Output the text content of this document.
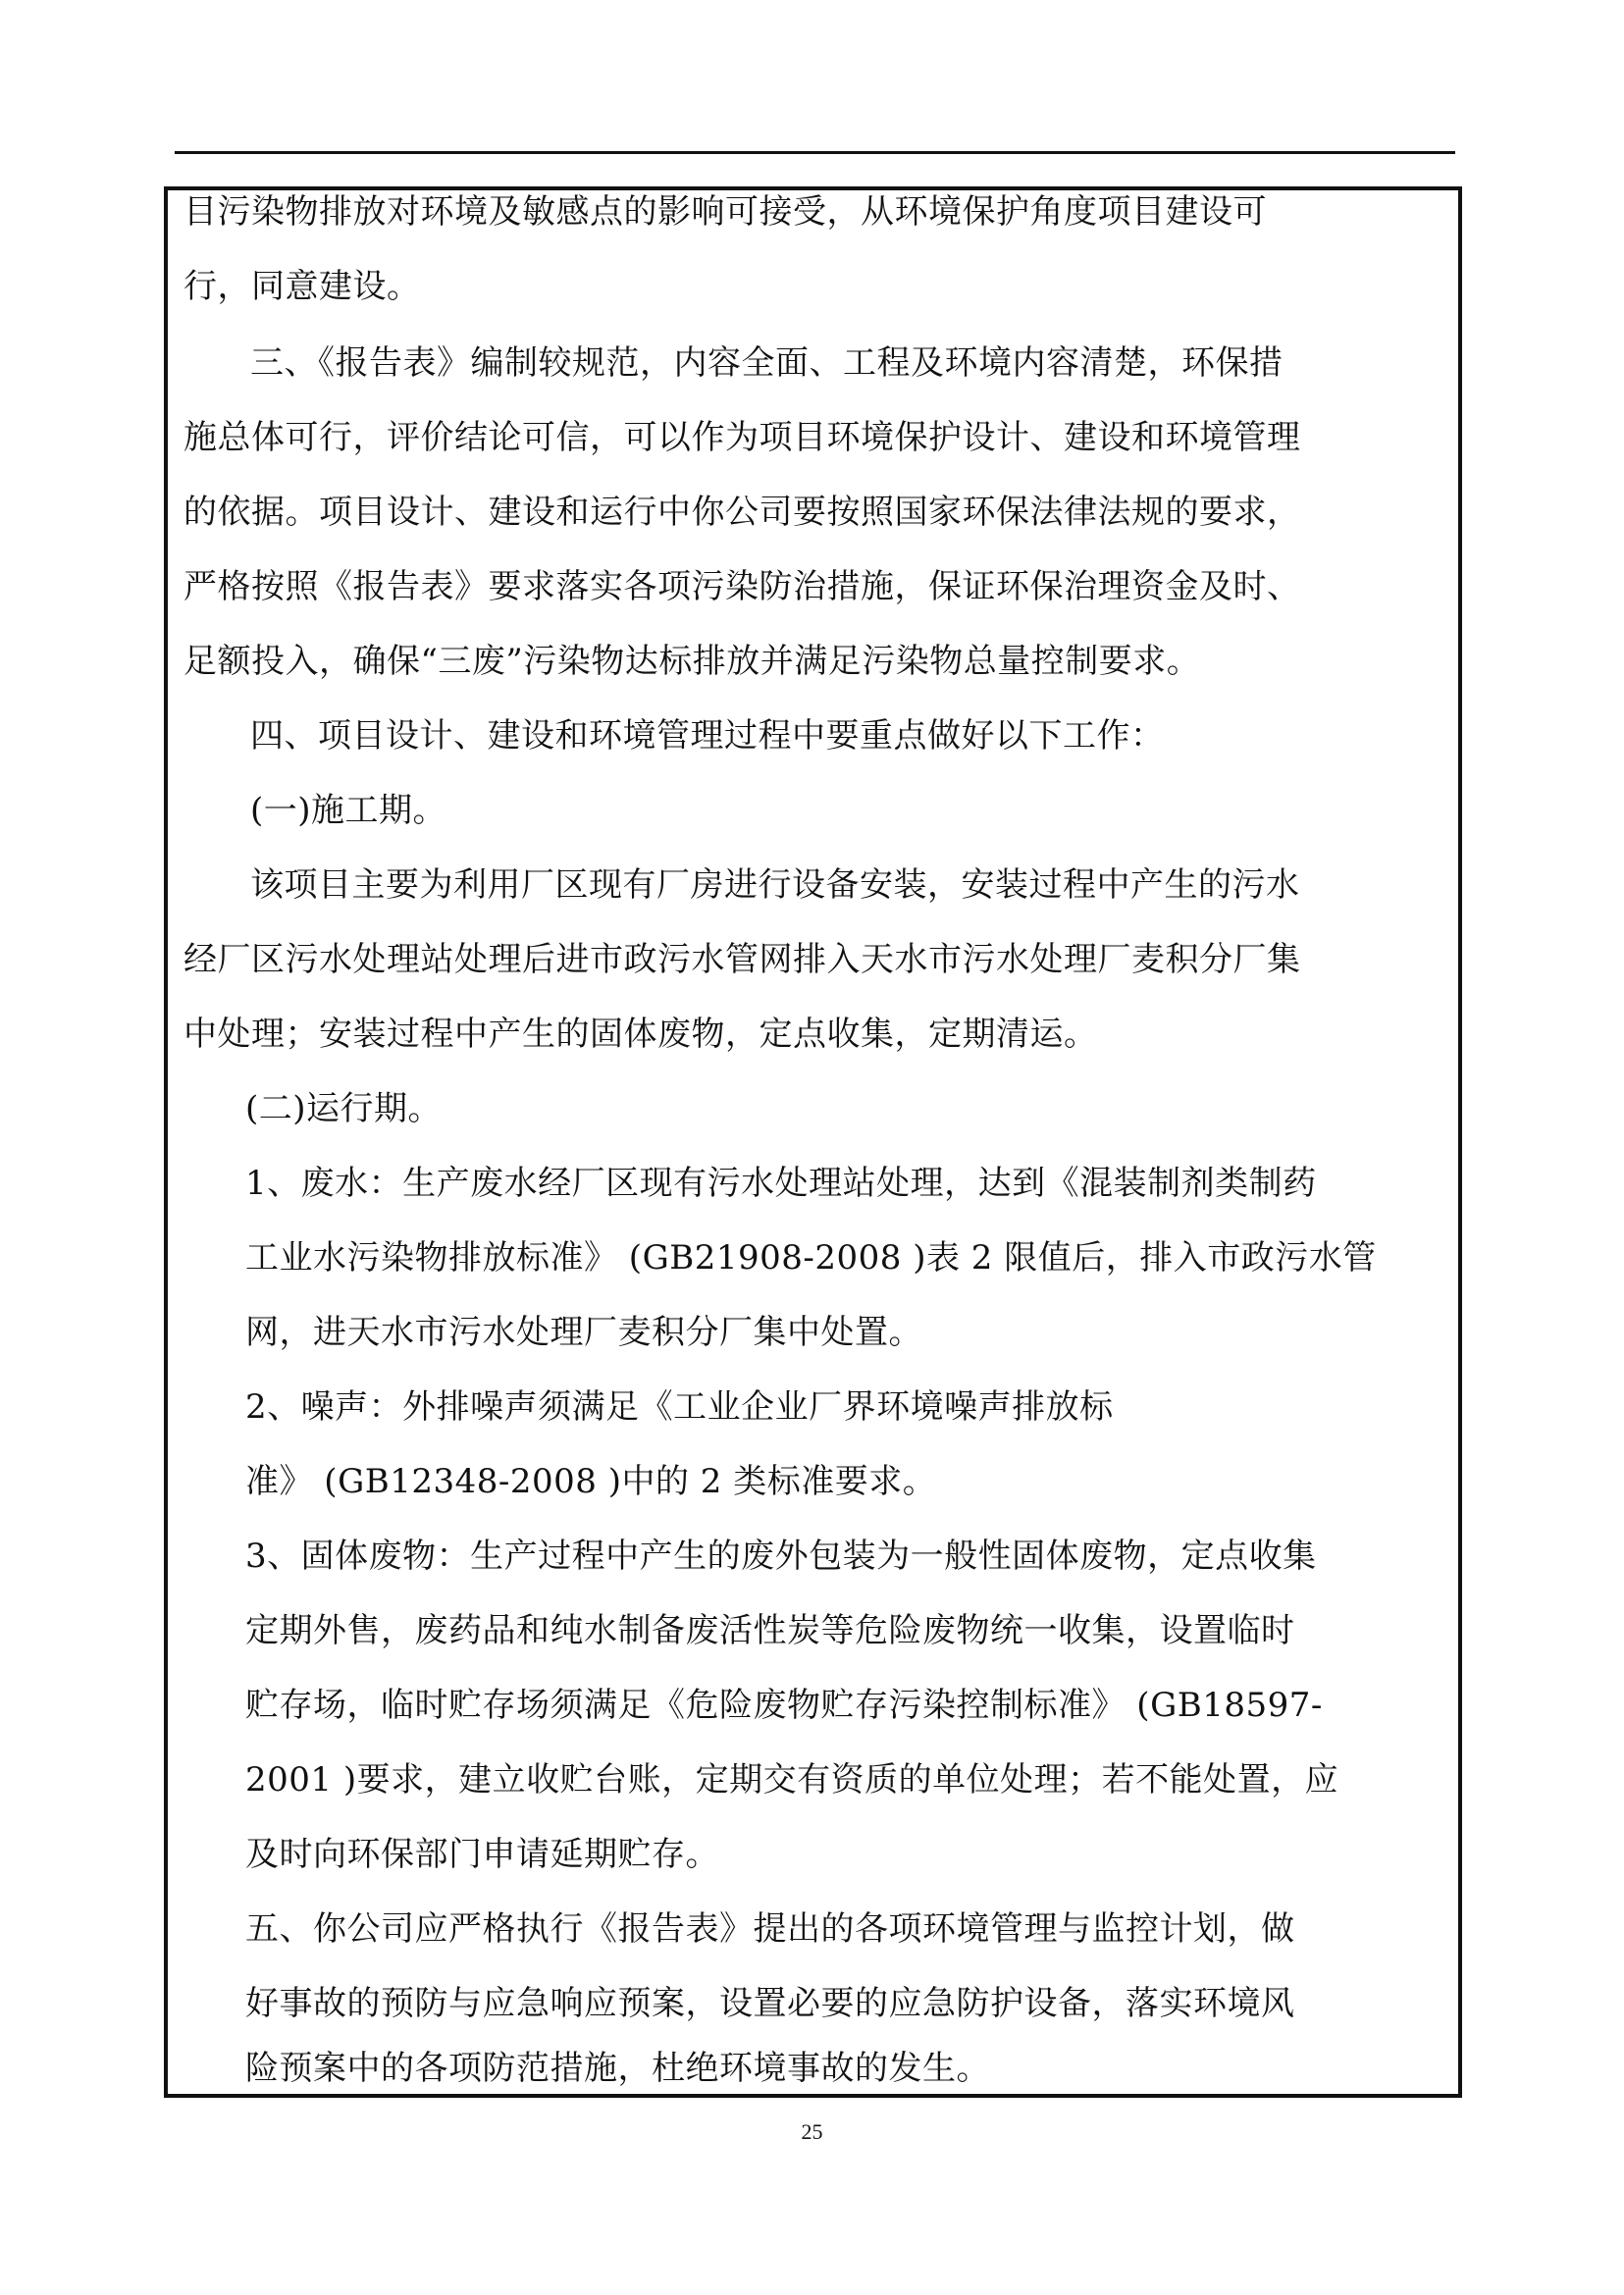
目污染物排放对环境及敏感点的影响可接受，从环境保护角度项目建设可
行，同意建设。
三、《报告表》编制较规范，内容全面、工程及环境内容清楚，环保措
施总体可行，评价结论可信，可以作为项目环境保护设计、建设和环境管理
的依据。项目设计、建设和运行中你公司要按照国家环保法律法规的要求，
严格按照《报告表》要求落实各项污染防治措施，保证环保治理资金及时、
足额投入，确保“三废”污染物达标排放并满足污染物总量控制要求。
四、项目设计、建设和环境管理过程中要重点做好以下工作：
(一)施工期。
该项目主要为利用厂区现有厂房进行设备安装，安装过程中产生的污水
经厂区污水处理站处理后进市政污水管网排入天水市污水处理厂麦积分厂集
中处理；安装过程中产生的固体废物，定点收集，定期清运。
(二)运行期。
1、废水：生产废水经厂区现有污水处理站处理，达到《混装制剂类制药
工业水污染物排放标准》 (GB21908-2008 )表 2 限值后，排入市政污水管
网，进天水市污水处理厂麦积分厂集中处置。
2、噪声：外排噪声须满足《工业企业厂界环境噪声排放标
准》 (GB12348-2008 )中的 2 类标准要求。
3、固体废物：生产过程中产生的废外包装为一般性固体废物，定点收集
定期外售，废药品和纯水制备废活性炭等危险废物统一收集，设置临时
贮存场，临时贮存场须满足《危险废物贮存污染控制标准》 (GB18597-
2001 )要求，建立收贮台账，定期交有资质的单位处理；若不能处置，应
及时向环保部门申请延期贮存。
五、你公司应严格执行《报告表》提出的各项环境管理与监控计划，做
好事故的预防与应急响应预案，设置必要的应急防护设备，落实环境风
险预案中的各项防范措施，杜绝环境事故的发生。
25
